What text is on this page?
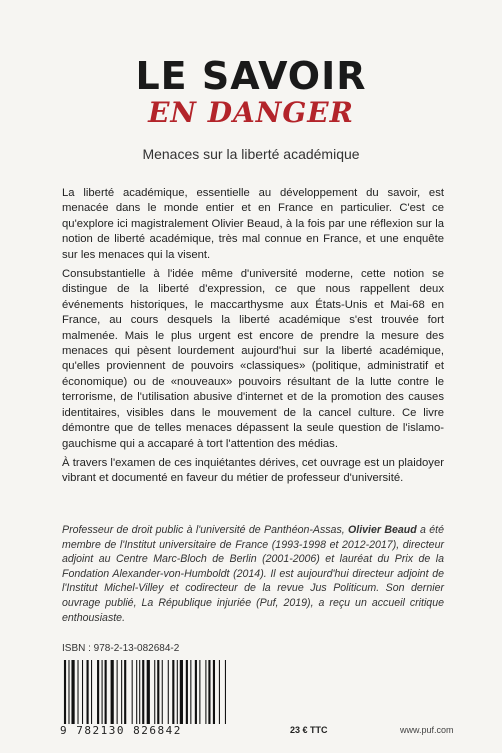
LE SAVOIR
EN DANGER
Menaces sur la liberté académique

La liberté académique, essentielle au développement du savoir, est menacée dans le monde entier et en France en particulier. C'est ce qu'explore ici magistralement Olivier Beaud, à la fois par une réflexion sur la notion de liberté académique, très mal connue en France, et une enquête sur les menaces qui la visent.

Consubstantielle à l'idée même d'université moderne, cette notion se distingue de la liberté d'expression, ce que nous rappellent deux événements historiques, le maccarthysme aux États-Unis et Mai-68 en France, au cours desquels la liberté académique s'est trouvée fort malmenée. Mais le plus urgent est encore de prendre la mesure des menaces qui pèsent lourdement aujourd'hui sur la liberté académique, qu'elles proviennent de pouvoirs «classiques» (politique, administratif et économique) ou de «nouveaux» pouvoirs résultant de la lutte contre le terrorisme, de l'utilisation abusive d'internet et de la promotion des causes identitaires, visibles dans le mouvement de la cancel culture. Ce livre démontre que de telles menaces dépassent la seule question de l'islamo-gauchisme qui a accaparé à tort l'attention des médias.

À travers l'examen de ces inquiétantes dérives, cet ouvrage est un plaidoyer vibrant et documenté en faveur du métier de professeur d'université.

Professeur de droit public à l'université de Panthéon-Assas, Olivier Beaud a été membre de l'Institut universitaire de France (1993-1998 et 2012-2017), directeur adjoint au Centre Marc-Bloch de Berlin (2001-2006) et lauréat du Prix de la Fondation Alexander-von-Humboldt (2014). Il est aujourd'hui directeur adjoint de l'Institut Michel-Villey et codirecteur de la revue Jus Politicum. Son dernier ouvrage publié, La République injuriée (Puf, 2019), a reçu un accueil critique enthousiaste.
ISBN : 978-2-13-082684-2
9 782130 826842	23 € TTC	www.puf.com
